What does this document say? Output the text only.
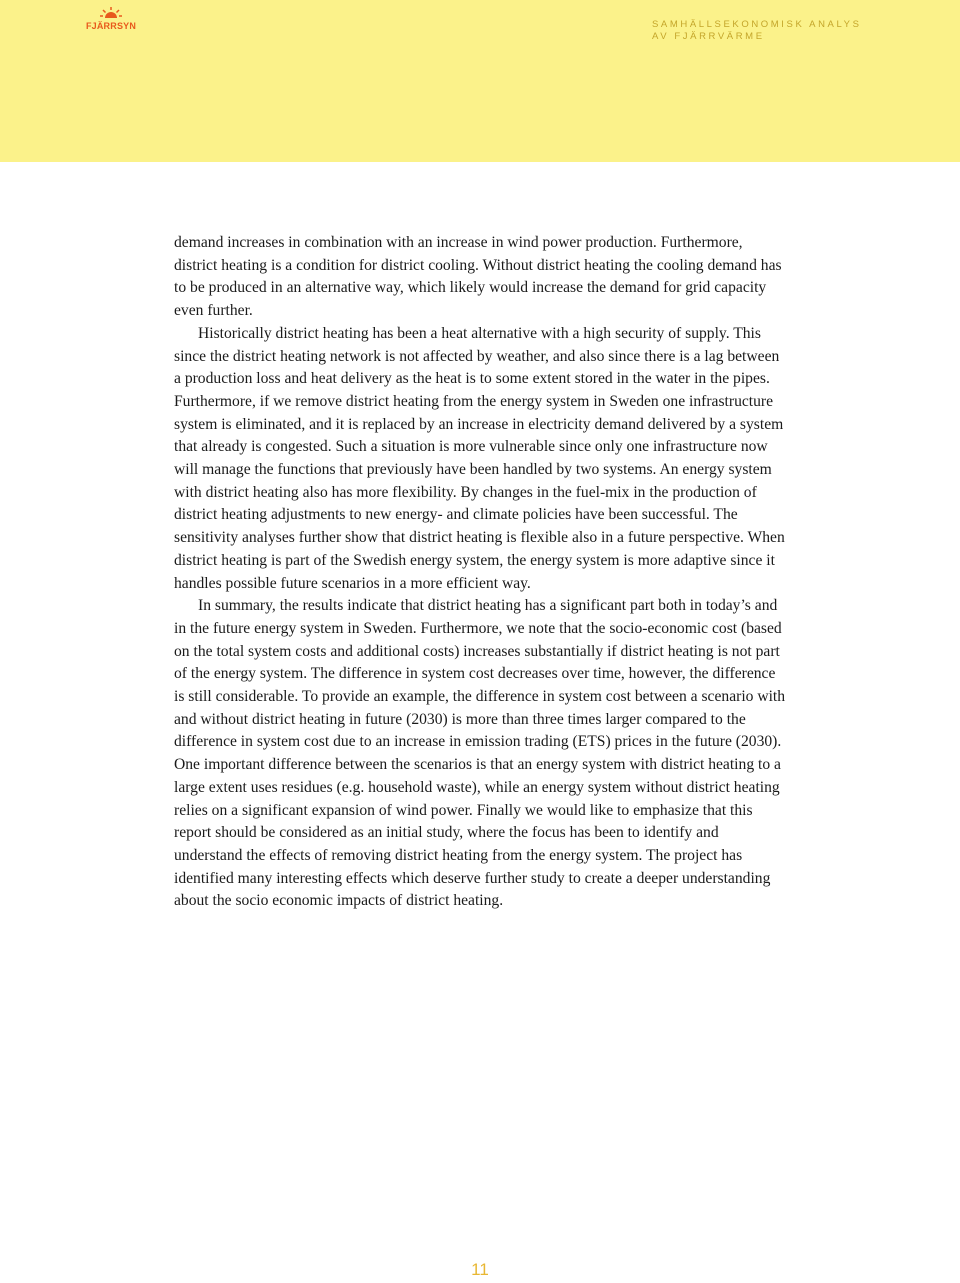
FJÄRRSYN	SAMHÄLLSEKONOMISK ANALYS AV FJÄRRVÄRME

demand increases in combination with an increase in wind power production. Furthermore, district heating is a condition for district cooling. Without district heating the cooling demand has to be produced in an alternative way, which likely would increase the demand for grid capacity even further.

Historically district heating has been a heat alternative with a high security of supply. This since the district heating network is not affected by weather, and also since there is a lag between a production loss and heat delivery as the heat is to some extent stored in the water in the pipes. Furthermore, if we remove district heating from the energy system in Sweden one infrastructure system is eliminated, and it is replaced by an increase in electricity demand delivered by a system that already is congested. Such a situation is more vulnerable since only one infrastructure now will manage the functions that previously have been handled by two systems. An energy system with district heating also has more flexibility. By changes in the fuel-mix in the production of district heating adjustments to new energy- and climate policies have been successful. The sensitivity analyses further show that district heating is flexible also in a future perspective. When district heating is part of the Swedish energy system, the energy system is more adaptive since it handles possible future scenarios in a more efficient way.

In summary, the results indicate that district heating has a significant part both in today’s and in the future energy system in Sweden. Furthermore, we note that the socio-economic cost (based on the total system costs and additional costs) increases substantially if district heating is not part of the energy system. The difference in system cost decreases over time, however, the difference is still considerable. To provide an example, the difference in system cost between a scenario with and without district heating in future (2030) is more than three times larger compared to the difference in system cost due to an increase in emission trading (ETS) prices in the future (2030). One important difference between the scenarios is that an energy system with district heating to a large extent uses residues (e.g. household waste), while an energy system without district heating relies on a significant expansion of wind power. Finally we would like to emphasize that this report should be considered as an initial study, where the focus has been to identify and understand the effects of removing district heating from the energy system. The project has identified many interesting effects which deserve further study to create a deeper understanding about the socio economic impacts of district heating.

11
